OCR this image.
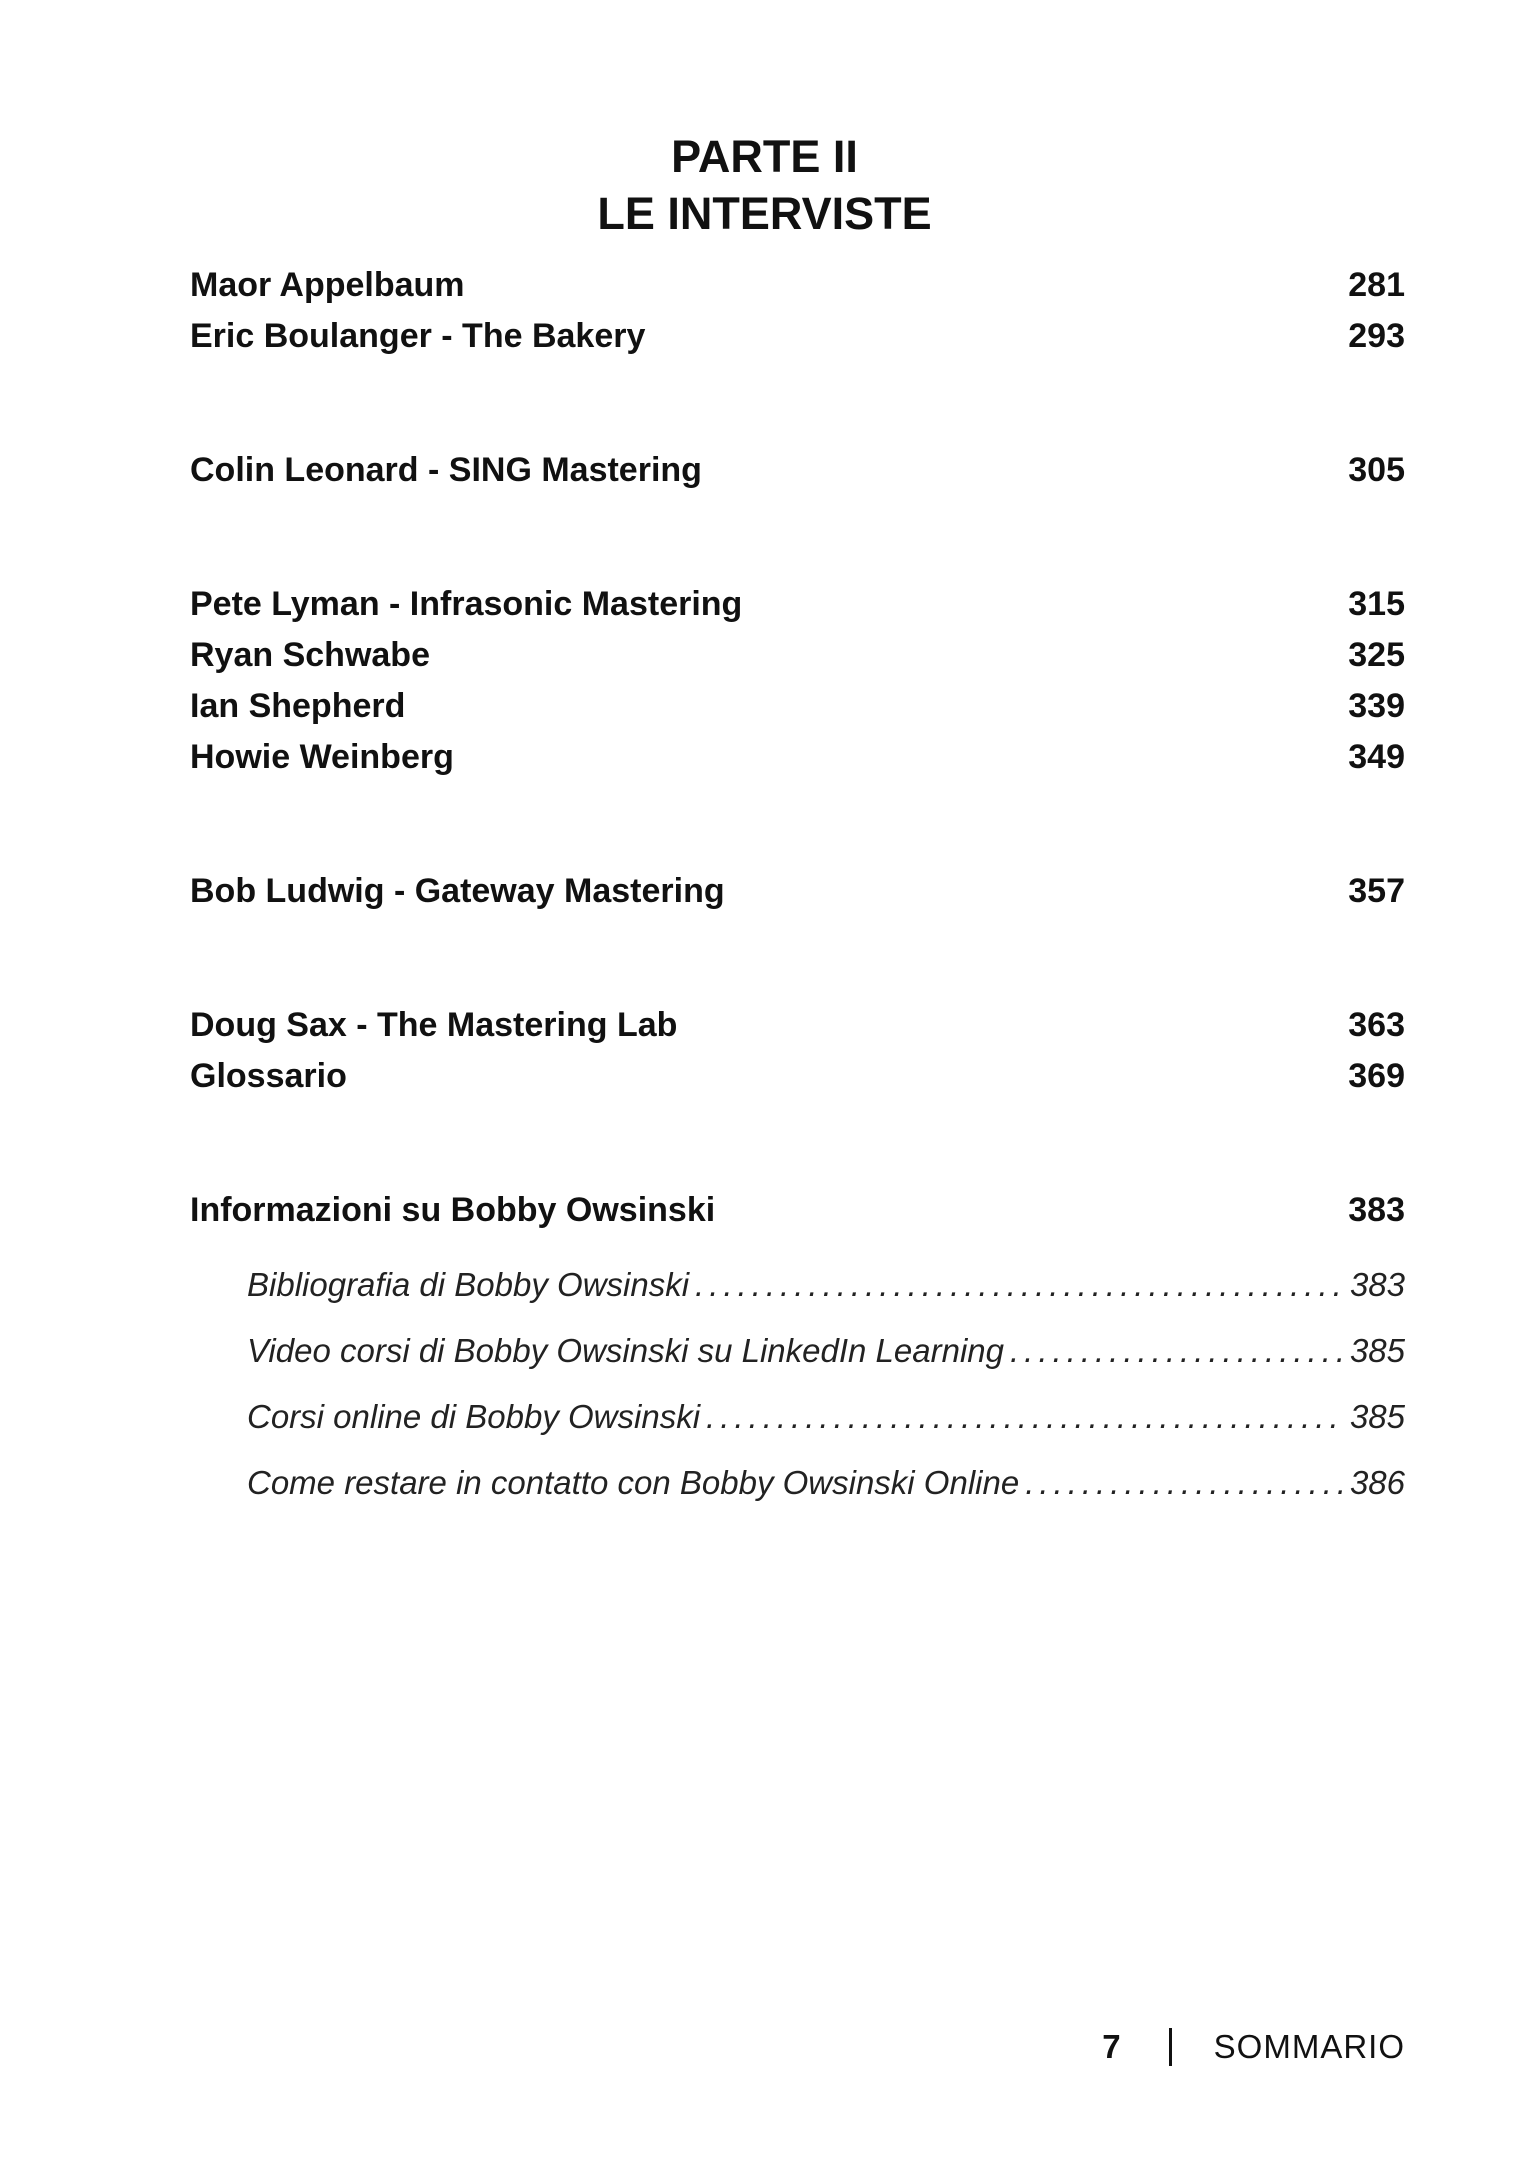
PARTE II
LE INTERVISTE
Maor Appelbaum	281
Eric Boulanger - The Bakery	293
Colin Leonard - SING Mastering	305
Pete Lyman - Infrasonic Mastering	315
Ryan Schwabe	325
Ian Shepherd	339
Howie Weinberg	349
Bob Ludwig - Gateway Mastering	357
Doug Sax - The Mastering Lab	363
Glossario	369
Informazioni su Bobby Owsinski	383
Bibliografia di Bobby Owsinski .....	383
Video corsi di Bobby Owsinski su LinkedIn Learning .....	385
Corsi online di Bobby Owsinski .....	385
Come restare in contatto con Bobby Owsinski Online .....	386
7	SOMMARIO
